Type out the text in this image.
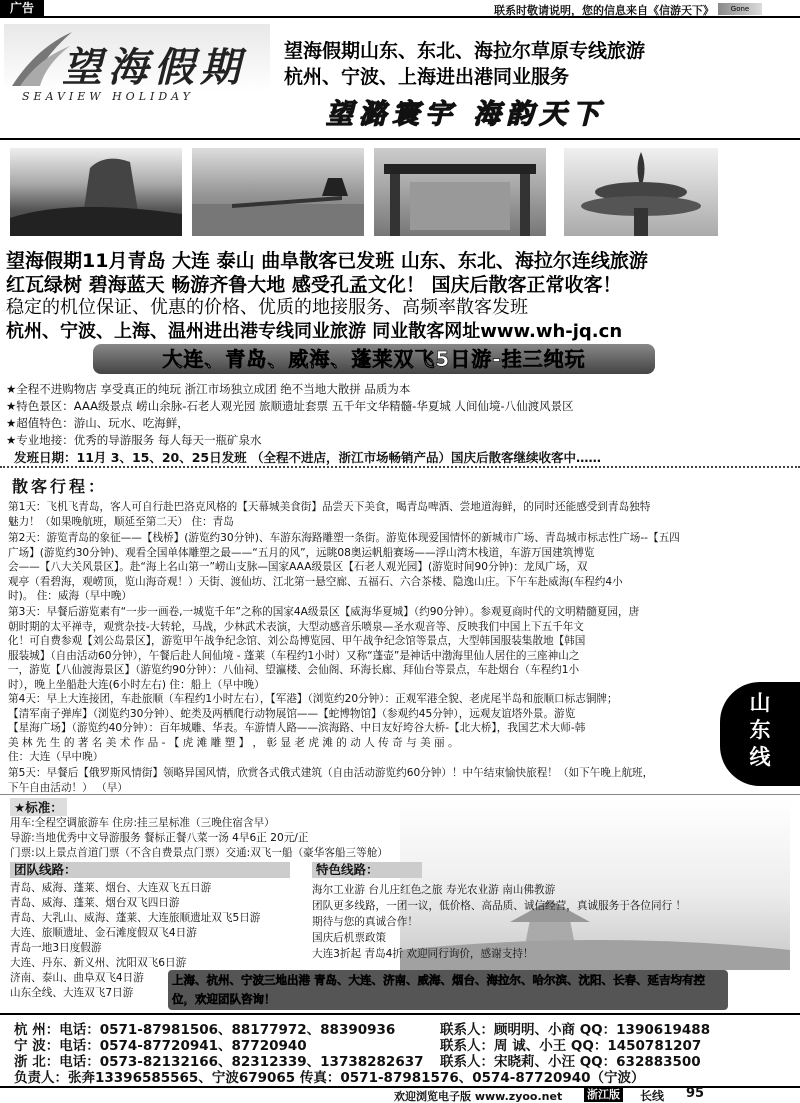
广告	联系时敬请说明，您的信息来自《信游天下》	Gone
望海假期
SEAVIEW HOLIDAY
望海假期山东、东北、海拉尔草原专线旅游
杭州、宁波、上海进出港同业服务
望潞寰宇 海韵天下
望海假期11月青岛 大连 泰山 曲阜散客已发班 山东、东北、海拉尔连线旅游
红瓦绿树 碧海蓝天 畅游齐鲁大地 感受孔孟文化！ 国庆后散客正常收客！
稳定的机位保证、优惠的价格、优质的地接服务、高频率散客发班
杭州、宁波、上海、温州进出港专线同业旅游 同业散客网址www.wh-jq.cn
大连、青岛、威海、蓬莱双飞5日游-挂三纯玩
★全程不进购物店 享受真正的纯玩 浙江市场独立成团 绝不当地大散拼 品质为本
★特色景区：AAA级景点 崂山余脉-石老人观光园 旅顺遗址套票 五千年文华精髓-华夏城 人间仙境-八仙渡风景区
★超值特色：游山、玩水、吃海鲜，
★专业地接：优秀的导游服务 每人每天一瓶矿泉水
发班日期：11月 3、15、20、25日发班 （全程不进店，浙江市场畅销产品）国庆后散客继续收客中……
散客行程：
第1天：飞机飞青岛，客人可自行赴巴洛克风格的【天幕城美食街】品尝天下美食，喝青岛啤酒、尝地道海鲜，的同时还能感受到青岛独特
魅力！（如果晚航班，顺延至第二天） 住：青岛
第2天：游览青岛的象征——【栈桥】(游览约30分钟)、车游东海路雕塑一条街。游览体现爱国情怀的新城市广场、青岛城市标志性广场--【五四
广场】(游览约30分钟)、观看全国单体雕塑之最——“五月的风”，远眺08奥运帆船赛场——浮山湾木栈道，车游万国建筑博览
会——【八大关风景区】。赴“海上名山第一”崂山支脉—国家AAA级景区【石老人观光园】(游览时间90分钟)：龙凤广场，双
观亭（看碧海，观崂顶，览山海奇观！）天街、渡仙坊、江北第一悬空廊、五福石、六合茶楼、隐逸山庄。下午车赴威海(车程约4小
时)。 住：威海（早中晚）
第3天：早餐后游览素有“一步一画卷,一城览千年”之称的国家4A级景区【威海华夏城】（约90分钟）。参观夏商时代的文明精髓夏园，唐
朝时期的太平禅寺，观赏杂技-大转轮，马战，少林武术表演，大型动感音乐喷泉—圣水观音等、反映我们中国上下五千年文
化！可自费参观【刘公岛景区】，游览甲午战争纪念馆、刘公岛博览园、甲午战争纪念馆等景点，大型韩国服装集散地【韩国
服装城】（自由活动60分钟），午餐后赴人间仙境 - 蓬莱（车程约1小时）又称“蓬壶”是神话中渤海里仙人居住的三座神山之
一，游览【八仙渡海景区】（游览约90分钟）：八仙祠、望瀛楼、会仙阁、环海长廊、拜仙台等景点，车赴烟台（车程约1小
时），晚上坐船赴大连(6小时左右) 住：船上（早中晚）
第4天：早上大连接团，车赴旅顺（车程约1小时左右），【军港】（浏览约20分钟）：正观军港全貌、老虎尾半岛和旅顺口标志铜牌；
【清军南子弹库】（浏览约30分钟）、蛇类及两栖爬行动物展馆——【蛇博物馆】（参观约45分钟），远观友谊塔外景。游览
【星海广场】（游览约40分钟）：百年城雕、华表。车游情人路——滨海路、中日友好垮谷大桥-【北大桥】，我国艺术大师-韩
美 林 先 生 的 著 名 美 术 作 品 - 【 虎 滩 雕 塑 】 ， 彰 显 老 虎 滩 的 动 人 传 奇 与 美 丽 。
住：大连（早中晚）
第5天：早餐后【俄罗斯风情街】领略异国风情，欣赏各式俄式建筑（自由活动游览约60分钟）！中午结束愉快旅程！（如下午晚上航班，
下午自由活动！） （早）
山东线
★标准：
用车:全程空调旅游车 住房:挂三星标准（三晚住宿含早）
导游:当地优秀中文导游服务 餐标正餐八菜一汤 4早6正 20元/正
门票:以上景点首道门票（不含自费景点门票）交通:双飞一船（豪华客船三等舱）
团队线路：
青岛、威海、蓬莱、烟台、大连双飞五日游
青岛、威海、蓬莱、烟台双飞四日游
青岛、大乳山、威海、蓬莱、大连旅顺遗址双飞5日游
大连、旅顺遗址、金石滩度假双飞4日游
青岛一地3日度假游
大连、丹东、新义州、沈阳双飞6日游
济南、泰山、曲阜双飞4日游
山东全线、大连双飞7日游
特色线路：
海尔工业游 台儿庄红色之旅 寿光农业游 南山佛教游
团队更多线路，一团一议，低价格、高品质、诚信经营，真诚服务于各位同行 ！
期待与您的真诚合作！
国庆后机票政策
大连3折起 青岛4折 欢迎同行询价，感谢支持！
上海、杭州、宁波三地出港 青岛、大连、济南、威海、烟台、海拉尔、哈尔滨、沈阳、长春、延吉均有控位，欢迎团队咨询！
杭 州：电话：0571-87981506、88177972、88390936	联系人：顾明明、小商 QQ：1390619488
宁 波：电话：0574-87720941、87720940	联系人：周 诚、小王 QQ：1450781207
浙 北：电话：0573-82132166、82312339、13738282637 联系人：宋晓莉、小汪 QQ：632883500
负责人：张奔13396585565、宁波679065 传真：0571-87981576、0574-87720940（宁波）
欢迎浏览电子版 www.zyoo.net 浙江版 长线 95
